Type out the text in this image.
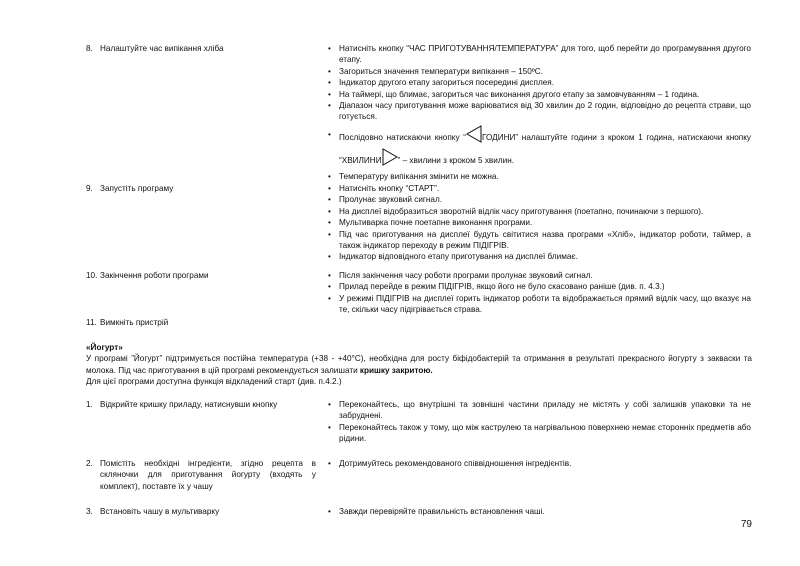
8. Налаштуйте час випікання хліба
9. Запустіть програму
10. Закінчення роботи програми
11. Вимкніть пристрій
• Натисніть кнопку “ЧАС ПРИГОТУВАННЯ/ТЕМПЕРАТУРА” для того, щоб перейти до програмування другого етапу.
• Загориться значення температури випікання – 150ºС.
• Індикатор другого етапу загориться посередині дисплея.
• На таймері, що блимає, загориться час виконання другого етапу за замовчуванням – 1 година.
• Діапазон часу приготування може варіюватися від 30 хвилин до 2 годин, відповідно до рецепта страви, що готується.
• Послідовно натискаючи кнопку “ ГОДИНИ” налаштуйте години з кроком 1 година, натискаючи кнопку “ХВИЛИНИ ” – хвилини з кроком 5 хвилин.
• Температуру випікання змінити не можна.
• Натисніть кнопку “СТАРТ”.
• Пролунає звуковий сигнал.
• На дисплеї відобразиться зворотній відлік часу приготування (поетапно, починаючи з першого).
• Мультиварка почне поетапне виконання програми.
• Під час приготування на дисплеї будуть світитися назва програми «Хліб», індикатор роботи, таймер, а також індикатор переходу в режим ПІДІГРІВ.
• Індикатор відповідного етапу приготування на дисплеї блимає.
• Після закінчення часу роботи програми пролунає звуковий сигнал.
• Прилад перейде в режим ПІДІГРІВ, якщо його не було скасовано раніше (див. п. 4.3.)
• У режимі ПІДІГРІВ на дисплеї горить індикатор роботи та відображається прямий відлік часу, що вказує на те, скільки часу підігрівається страва.

«Йогурт»

У програмі ”Йогурт” підтримується постійна температура (+38 - +40°С), необхідна для росту біфідобактерій та отримання в результаті прекрасного йогурту з закваски та молока. Під час приготування в цій програмі рекомендується залишати кришку закритою.

Для цієї програми доступна функція відкладений старт (див. п.4.2.)

1. Відкрийте кришку приладу, натиснувши кнопку
2. Помістіть необхідні інгредієнти, згідно рецепта в скляночки для приготування йогурту (входять у комплект), поставте їх у чашу
3. Встановіть чашу в мультиварку
• Переконайтесь, що внутрішні та зовнішні частини приладу не містять у собі залишків упаковки та не забруднені.
• Переконайтесь також у тому, що між каструлею та нагрівальною поверхнею немає сторонніх предметів або рідини.
• Дотримуйтесь рекомендованого співвідношення інгредієнтів.
• Завжди перевіряйте правильність встановлення чаші.
79
